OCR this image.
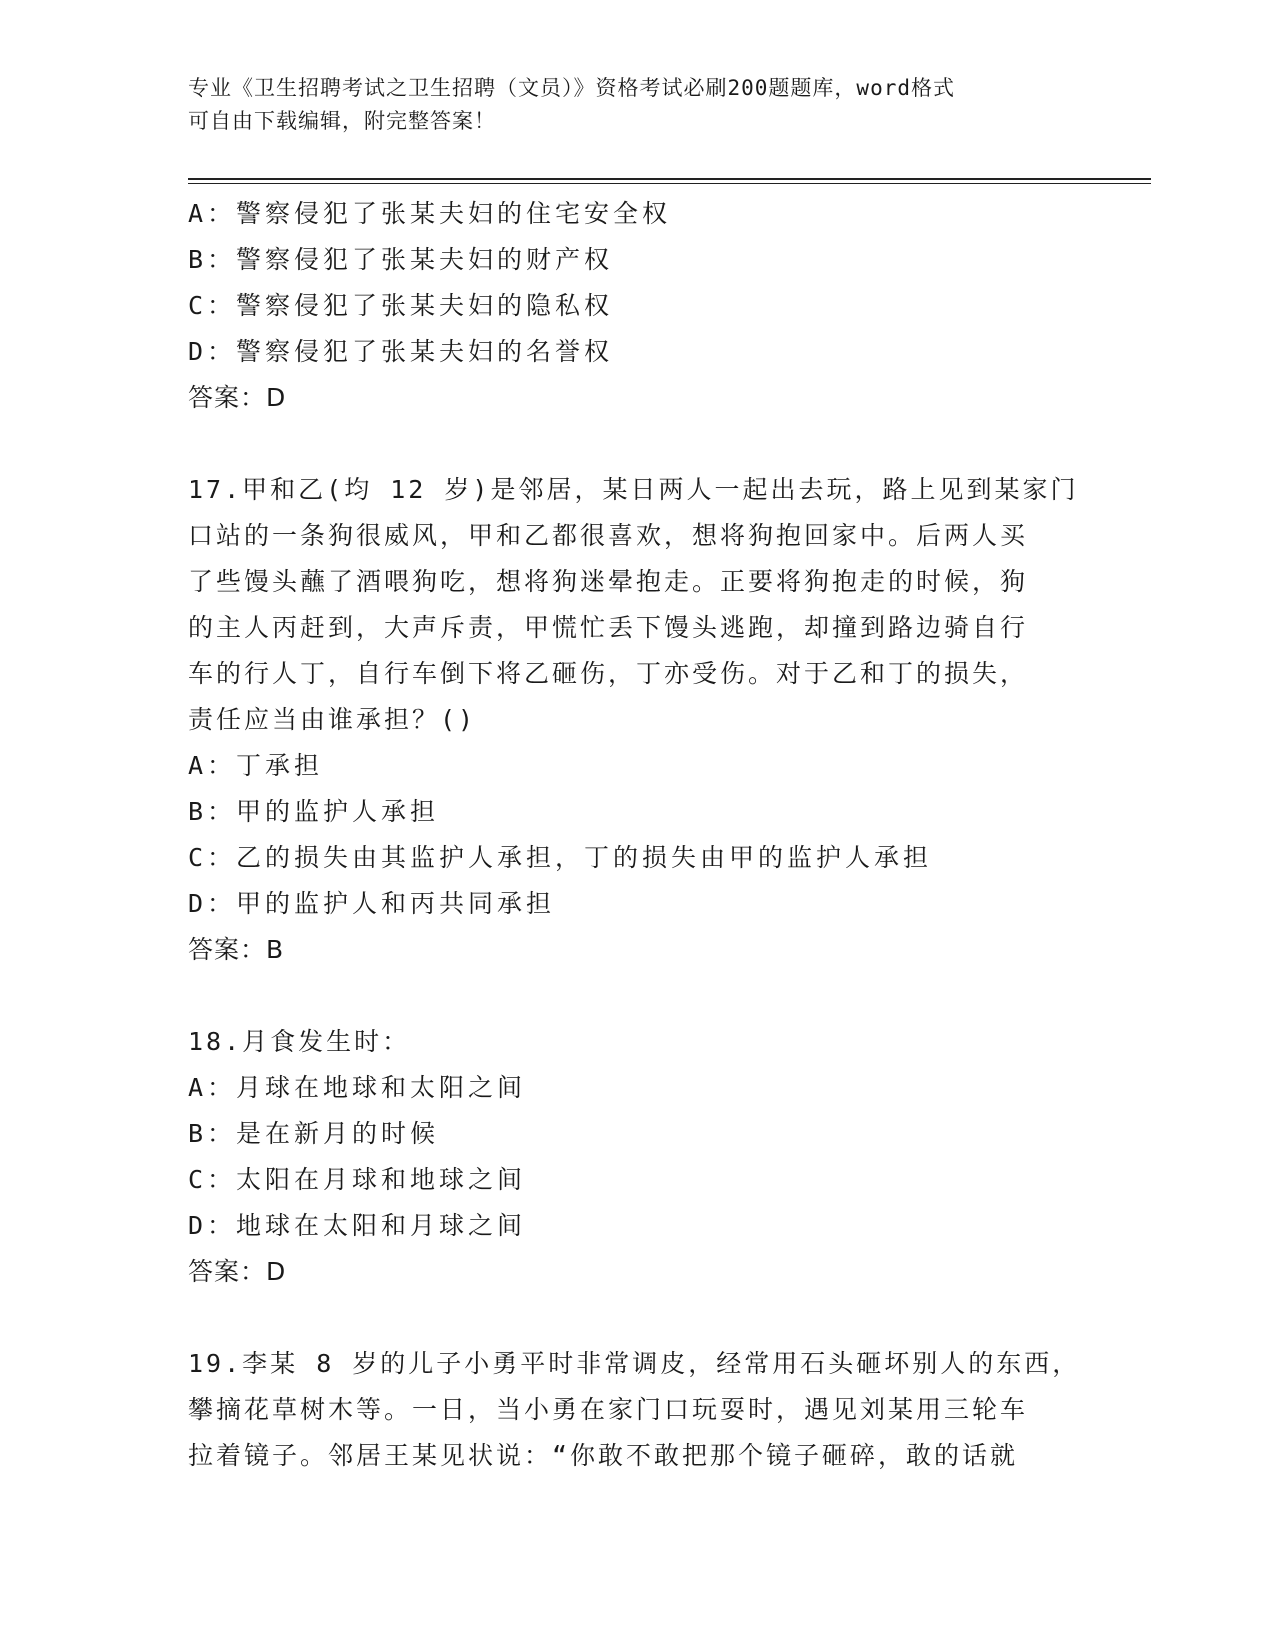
专业《卫生招聘考试之卫生招聘（文员）》资格考试必刷200题题库，word格式
可自由下载编辑，附完整答案！
A：警察侵犯了张某夫妇的住宅安全权
B：警察侵犯了张某夫妇的财产权
C：警察侵犯了张某夫妇的隐私权
D：警察侵犯了张某夫妇的名誉权
答案：D

17.甲和乙(均 12 岁)是邻居，某日两人一起出去玩，路上见到某家门

口站的一条狗很威风，甲和乙都很喜欢，想将狗抱回家中。后两人买

了些馒头蘸了酒喂狗吃，想将狗迷晕抱走。正要将狗抱走的时候，狗

的主人丙赶到，大声斥责，甲慌忙丢下馒头逃跑，却撞到路边骑自行

车的行人丁，自行车倒下将乙砸伤，丁亦受伤。对于乙和丁的损失，

责任应当由谁承担？()

A：丁承担
B：甲的监护人承担
C：乙的损失由其监护人承担，丁的损失由甲的监护人承担
D：甲的监护人和丙共同承担
答案：B

18.月食发生时：

A：月球在地球和太阳之间
B：是在新月的时候
C：太阳在月球和地球之间
D：地球在太阳和月球之间
答案：D

19.李某 8 岁的儿子小勇平时非常调皮，经常用石头砸坏别人的东西，

攀摘花草树木等。一日，当小勇在家门口玩耍时，遇见刘某用三轮车

拉着镜子。邻居王某见状说：“你敢不敢把那个镜子砸碎，敢的话就
